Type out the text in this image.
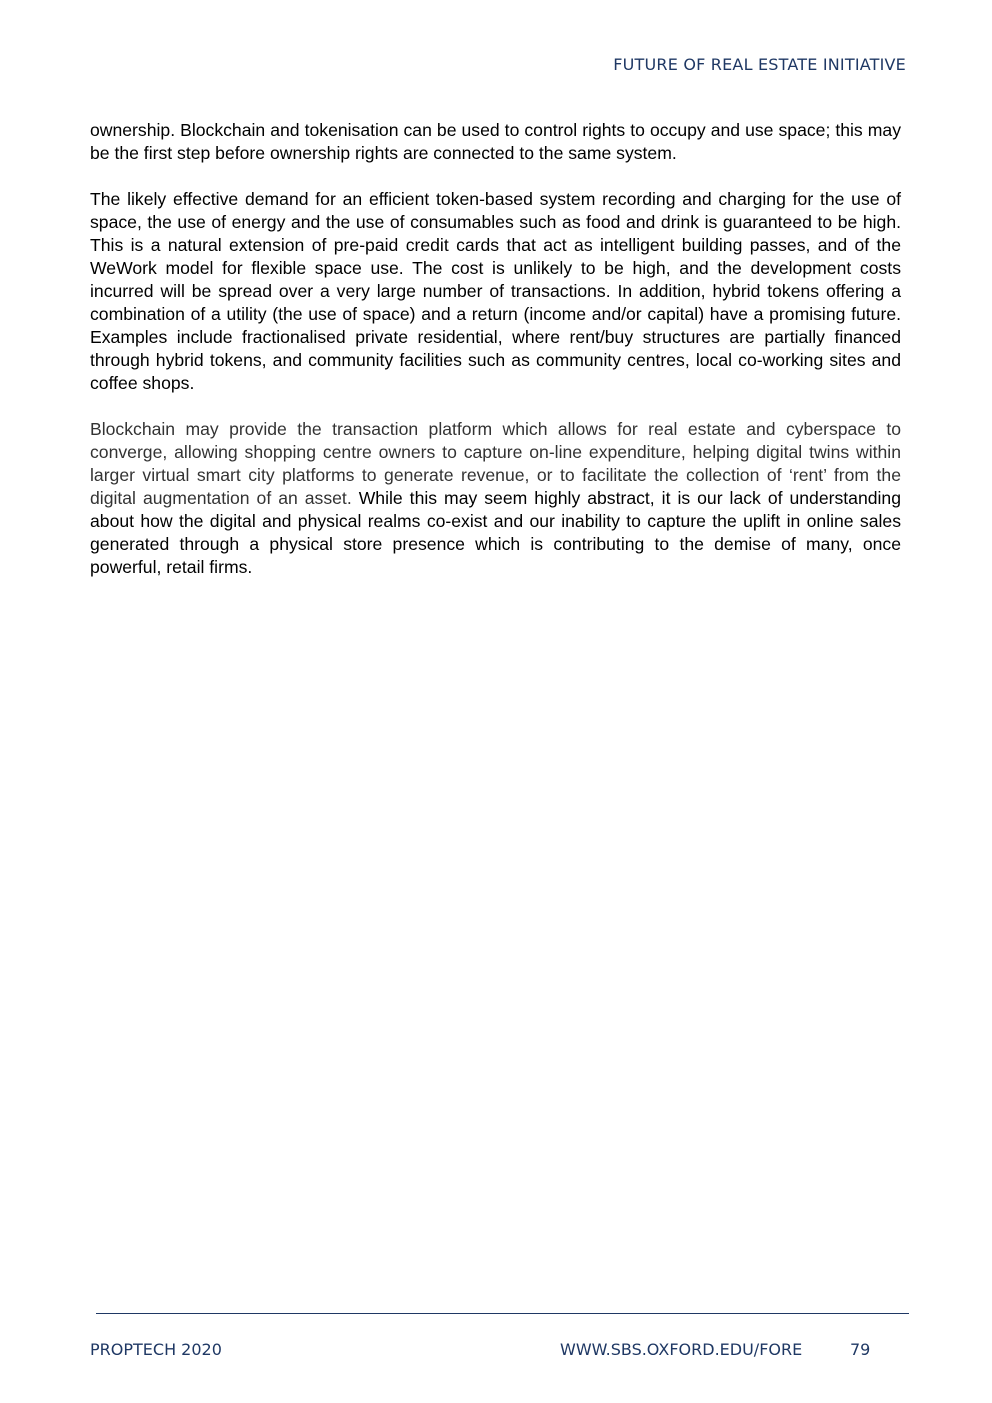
FUTURE OF REAL ESTATE INITIATIVE

ownership. Blockchain and tokenisation can be used to control rights to occupy and use space; this may be the first step before ownership rights are connected to the same system.

The likely effective demand for an efficient token-based system recording and charging for the use of space, the use of energy and the use of consumables such as food and drink is guaranteed to be high. This is a natural extension of pre-paid credit cards that act as intelligent building passes, and of the WeWork model for flexible space use. The cost is unlikely to be high, and the development costs incurred will be spread over a very large number of transactions. In addition, hybrid tokens offering a combination of a utility (the use of space) and a return (income and/or capital) have a promising future. Examples include fractionalised private residential, where rent/buy structures are partially financed through hybrid tokens, and community facilities such as community centres, local co-working sites and coffee shops.

Blockchain may provide the transaction platform which allows for real estate and cyberspace to converge, allowing shopping centre owners to capture on-line expenditure, helping digital twins within larger virtual smart city platforms to generate revenue, or to facilitate the collection of ‘rent’ from the digital augmentation of an asset. While this may seem highly abstract, it is our lack of understanding about how the digital and physical realms co-exist and our inability to capture the uplift in online sales generated through a physical store presence which is contributing to the demise of many, once powerful, retail firms.

PROPTECH 2020	WWW.SBS.OXFORD.EDU/FORE	79
